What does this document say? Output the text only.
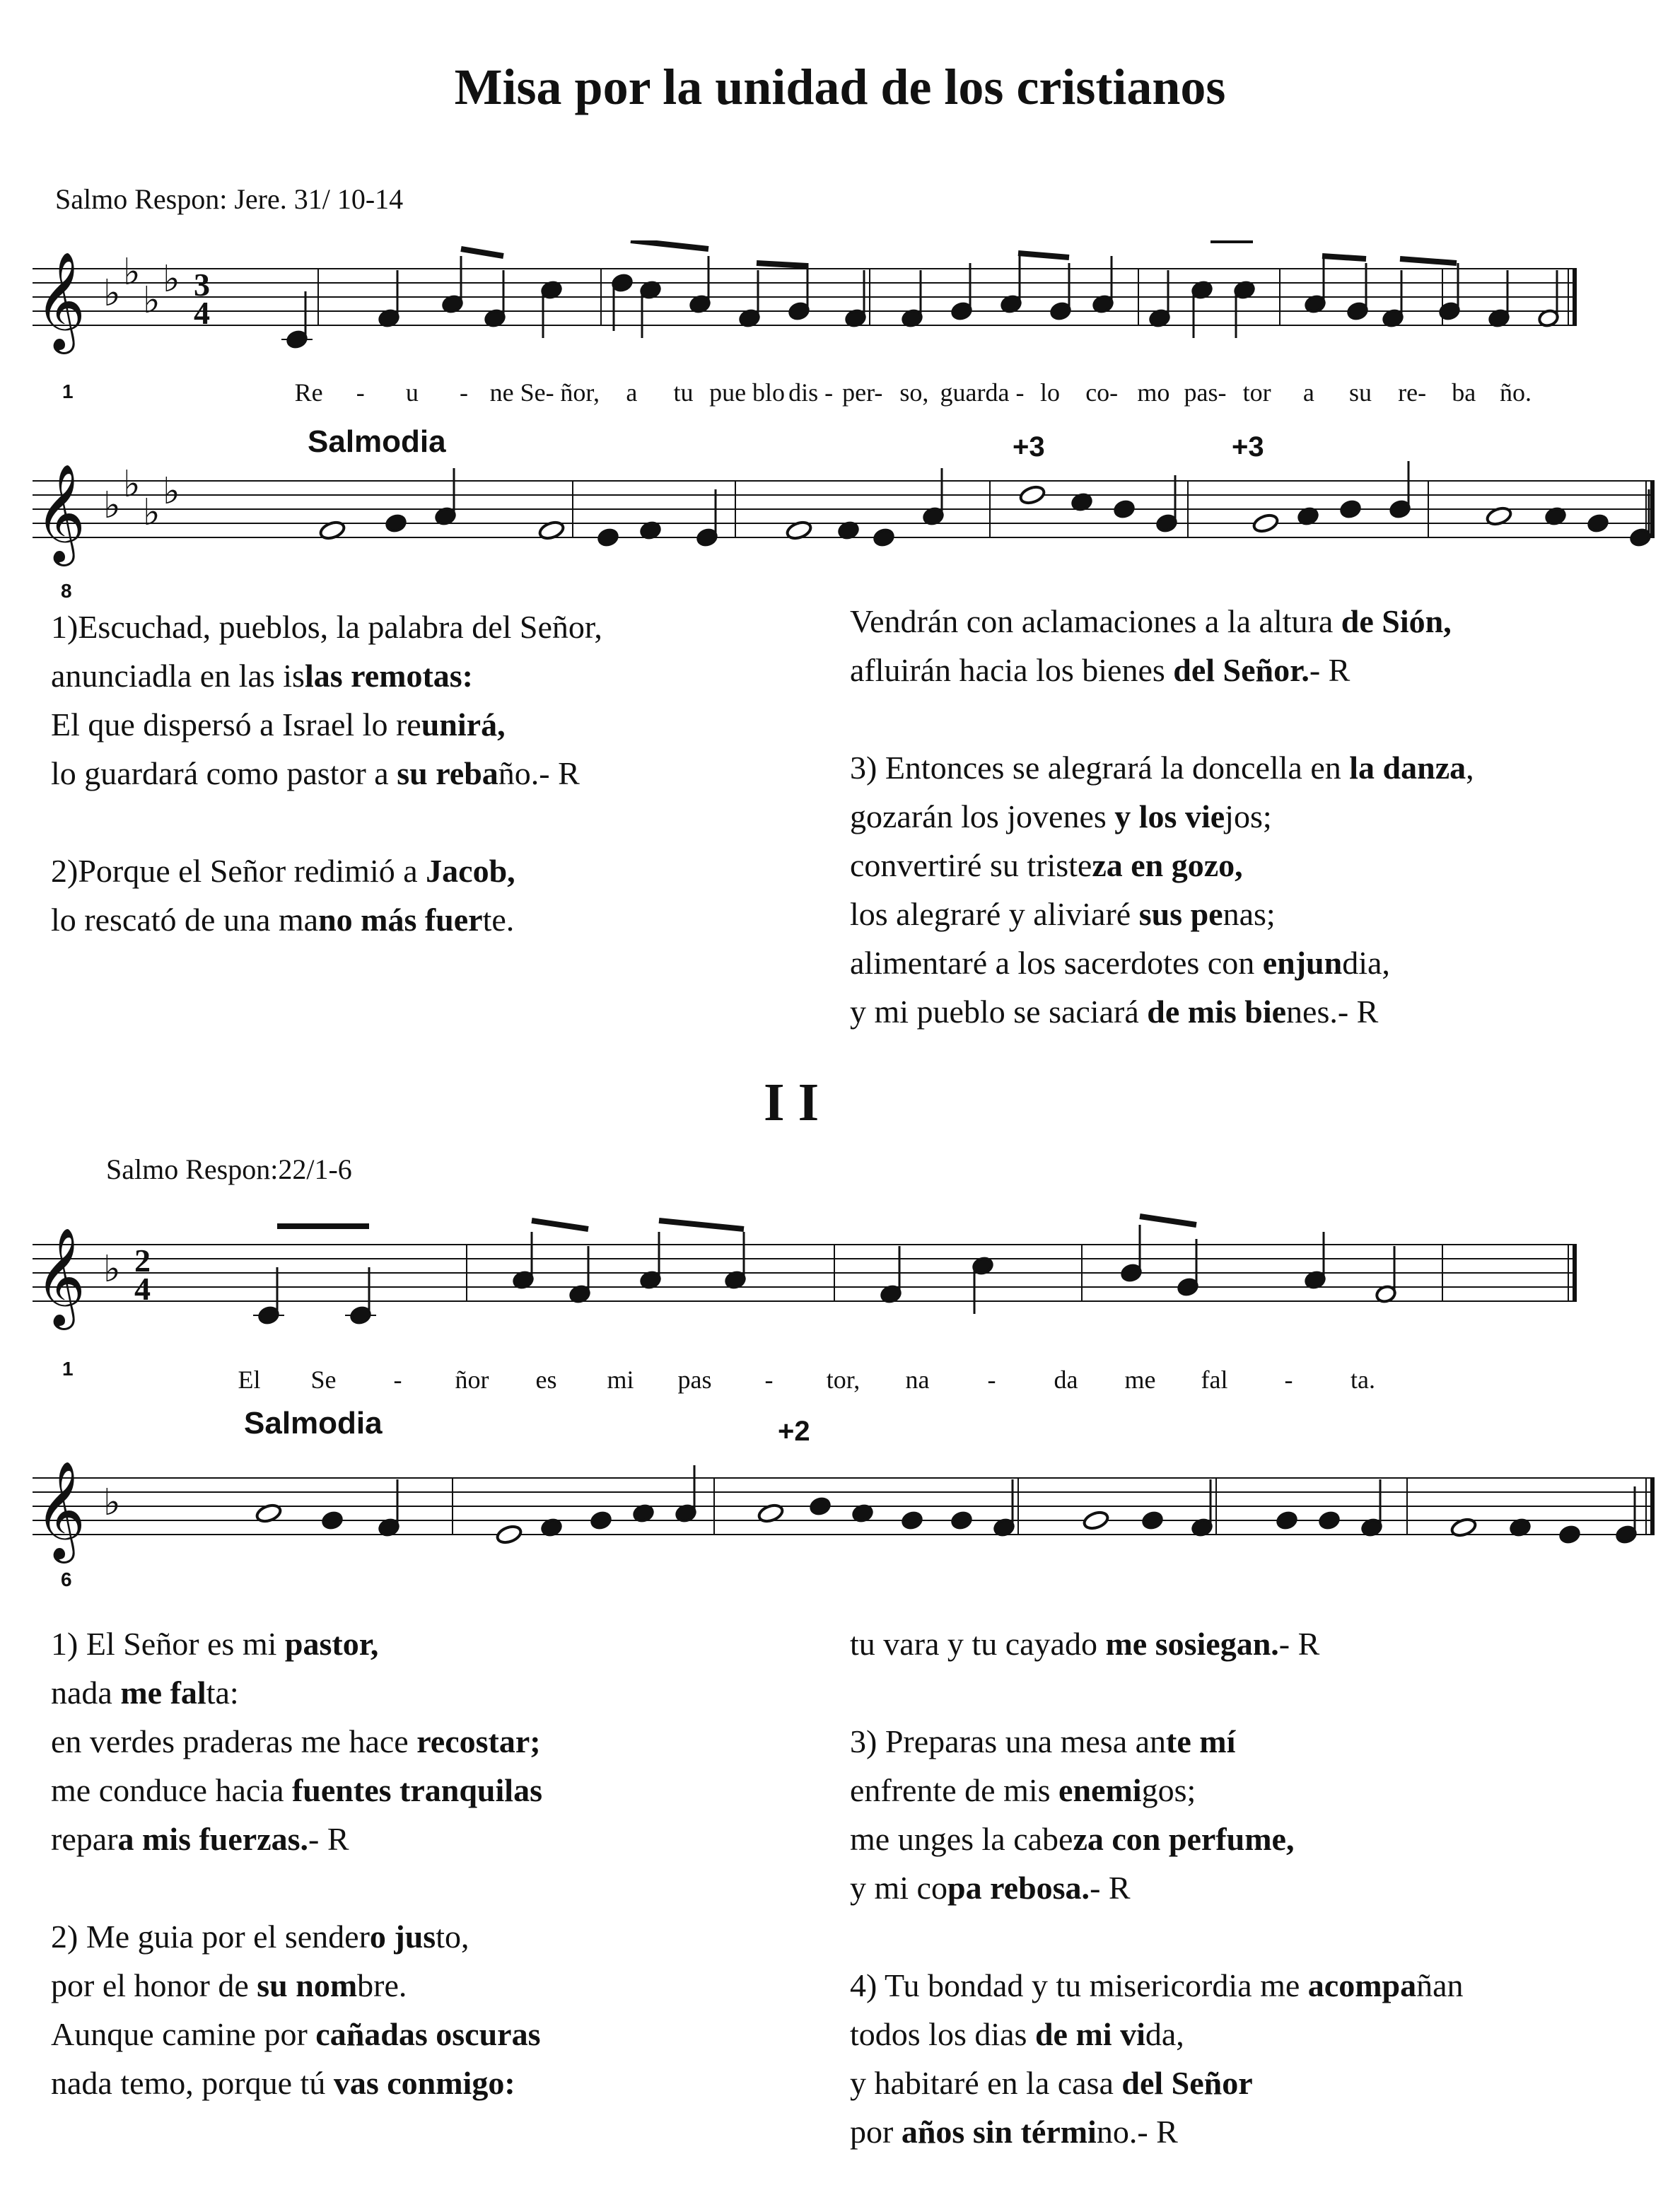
Misa por la unidad de los cristianos
Salmo Respon: Jere. 31/ 10-14
𝄞 ♭ ♭
♭ ♭ 3
4
1	Re	-	u	- ne Se- ñor,	a	tu pue blo dis - per- so, guarda - lo	co- mo pas- tor	a	su	re-	ba ño.
Salmodia	+3	+3
𝄞 ♭ ♭
♭ ♭
8

1)Escuchad, pueblos, la palabra del Señor,

anunciadla en las islas remotas:

El que dispersó a Israel lo reunirá,

lo guardará como pastor a su rebaño.- R

2)Porque el Señor redimió a Jacob,

lo rescató de una mano más fuerte.

Vendrán con aclamaciones a la altura de Sión,

afluirán hacia los bienes del Señor.- R

3) Entonces se alegrará la doncella en la danza,

gozarán los jovenes y los viejos;

convertiré su tristeza en gozo,

los alegraré y aliviaré sus penas;

alimentaré a los sacerdotes con enjundia,

y mi pueblo se saciará de mis bienes.- R

I I
Salmo Respon:22/1-6
𝄞 ♭ 2
4
1	El	Se	-	ñor	es	mi	pas	-	tor,	na	-	da	me	fal	-	ta.
Salmodia	+2
𝄞 ♭
6

1) El Señor es mi pastor,

nada me falta:

en verdes praderas me hace recostar;

me conduce hacia fuentes tranquilas

repara mis fuerzas.- R

2) Me guia por el sendero justo,

por el honor de su nombre.

Aunque camine por cañadas oscuras

nada temo, porque tú vas conmigo:

tu vara y tu cayado me sosiegan.- R

3) Preparas una mesa ante mí

enfrente de mis enemigos;

me unges la cabeza con perfume,

y mi copa rebosa.- R

4) Tu bondad y tu misericordia me acompañan

todos los dias de mi vida,

y habitaré en la casa del Señor

por años sin término.- R
